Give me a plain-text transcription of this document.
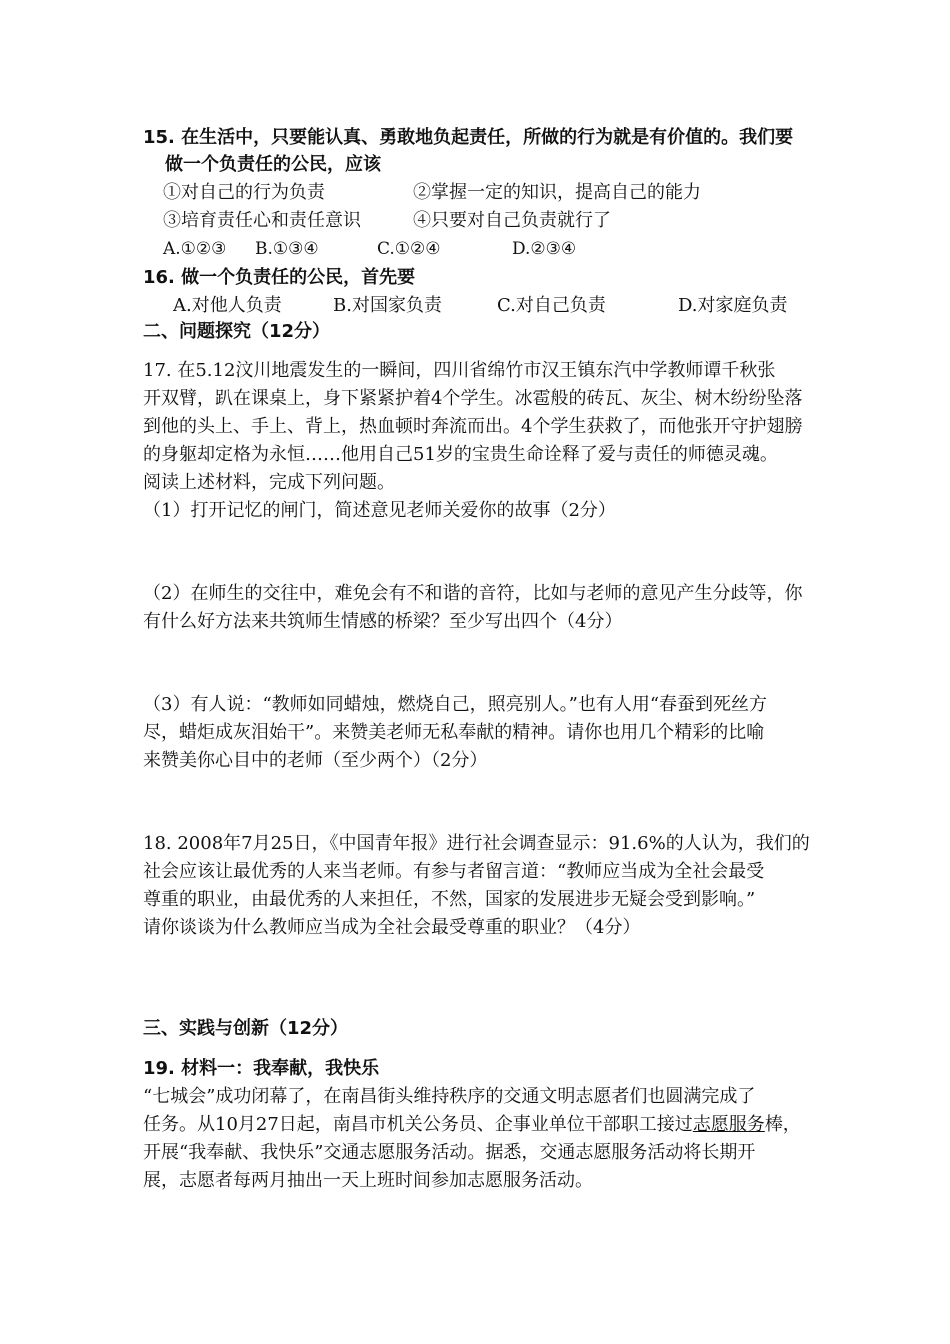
15. 在生活中，只要能认真、勇敢地负起责任，所做的行为就是有价值的。我们要
做一个负责任的公民，应该
①对自己的行为负责	②掌握一定的知识，提高自己的能力
③培育责任心和责任意识	④只要对自己负责就行了
A.①②③ B.①③④	C.①②④	D.②③④
16. 做一个负责任的公民，首先要
A.对他人负责	B.对国家负责	C.对自己负责	D.对家庭负责
二、问题探究（12分）
17. 在5.12汶川地震发生的一瞬间，四川省绵竹市汉王镇东汽中学教师谭千秋张
开双臂，趴在课桌上，身下紧紧护着4个学生。冰雹般的砖瓦、灰尘、树木纷纷坠落
到他的头上、手上、背上，热血顿时奔流而出。4个学生获救了，而他张开守护翅膀
的身躯却定格为永恒……他用自己51岁的宝贵生命诠释了爱与责任的师德灵魂。
阅读上述材料，完成下列问题。
（1）打开记忆的闸门，简述意见老师关爱你的故事（2分）
（2）在师生的交往中，难免会有不和谐的音符，比如与老师的意见产生分歧等，你
有什么好方法来共筑师生情感的桥梁？至少写出四个（4分）
（3）有人说：“教师如同蜡烛，燃烧自己，照亮别人。”也有人用“春蚕到死丝方
尽，蜡炬成灰泪始干”。来赞美老师无私奉献的精神。请你也用几个精彩的比喻
来赞美你心目中的老师（至少两个）（2分）
18. 2008年7月25日，《中国青年报》进行社会调查显示：91.6%的人认为，我们的
社会应该让最优秀的人来当老师。有参与者留言道：“教师应当成为全社会最受
尊重的职业，由最优秀的人来担任，不然，国家的发展进步无疑会受到影响。”
请你谈谈为什么教师应当成为全社会最受尊重的职业？（4分）
三、实践与创新（12分）
19. 材料一：我奉献，我快乐
“七城会”成功闭幕了，在南昌街头维持秩序的交通文明志愿者们也圆满完成了
任务。从10月27日起，南昌市机关公务员、企事业单位干部职工接过志愿服务棒，
开展“我奉献、我快乐”交通志愿服务活动。据悉，交通志愿服务活动将长期开
展，志愿者每两月抽出一天上班时间参加志愿服务活动。
